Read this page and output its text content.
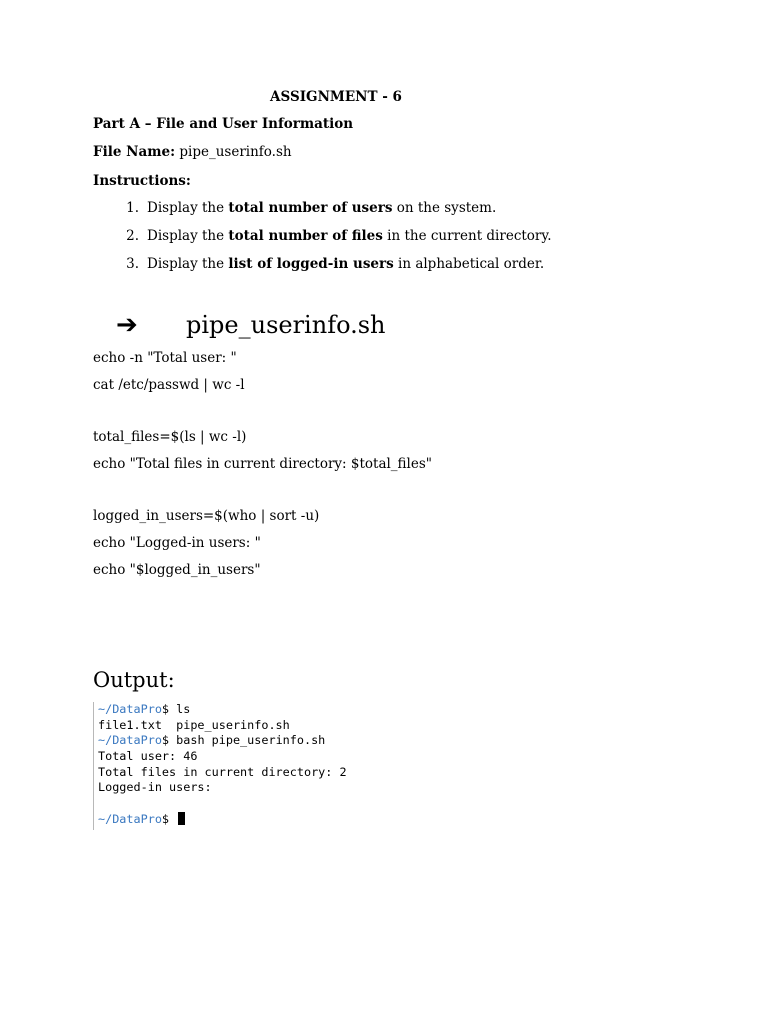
ASSIGNMENT - 6
Part A – File and User Information
File Name: pipe_userinfo.sh
Instructions:
1. Display the total number of users on the system.
2. Display the total number of files in the current directory.
3. Display the list of logged-in users in alphabetical order.
➔	pipe_userinfo.sh
echo -n "Total user: "
cat /etc/passwd | wc -l
total_files=$(ls | wc -l)
echo "Total files in current directory: $total_files"
logged_in_users=$(who | sort -u)
echo "Logged-in users: "
echo "$logged_in_users"
Output:
~/DataPro$ ls
file1.txt  pipe_userinfo.sh
~/DataPro$ bash pipe_userinfo.sh
Total user: 46
Total files in current directory: 2
Logged-in users:
~/DataPro$
